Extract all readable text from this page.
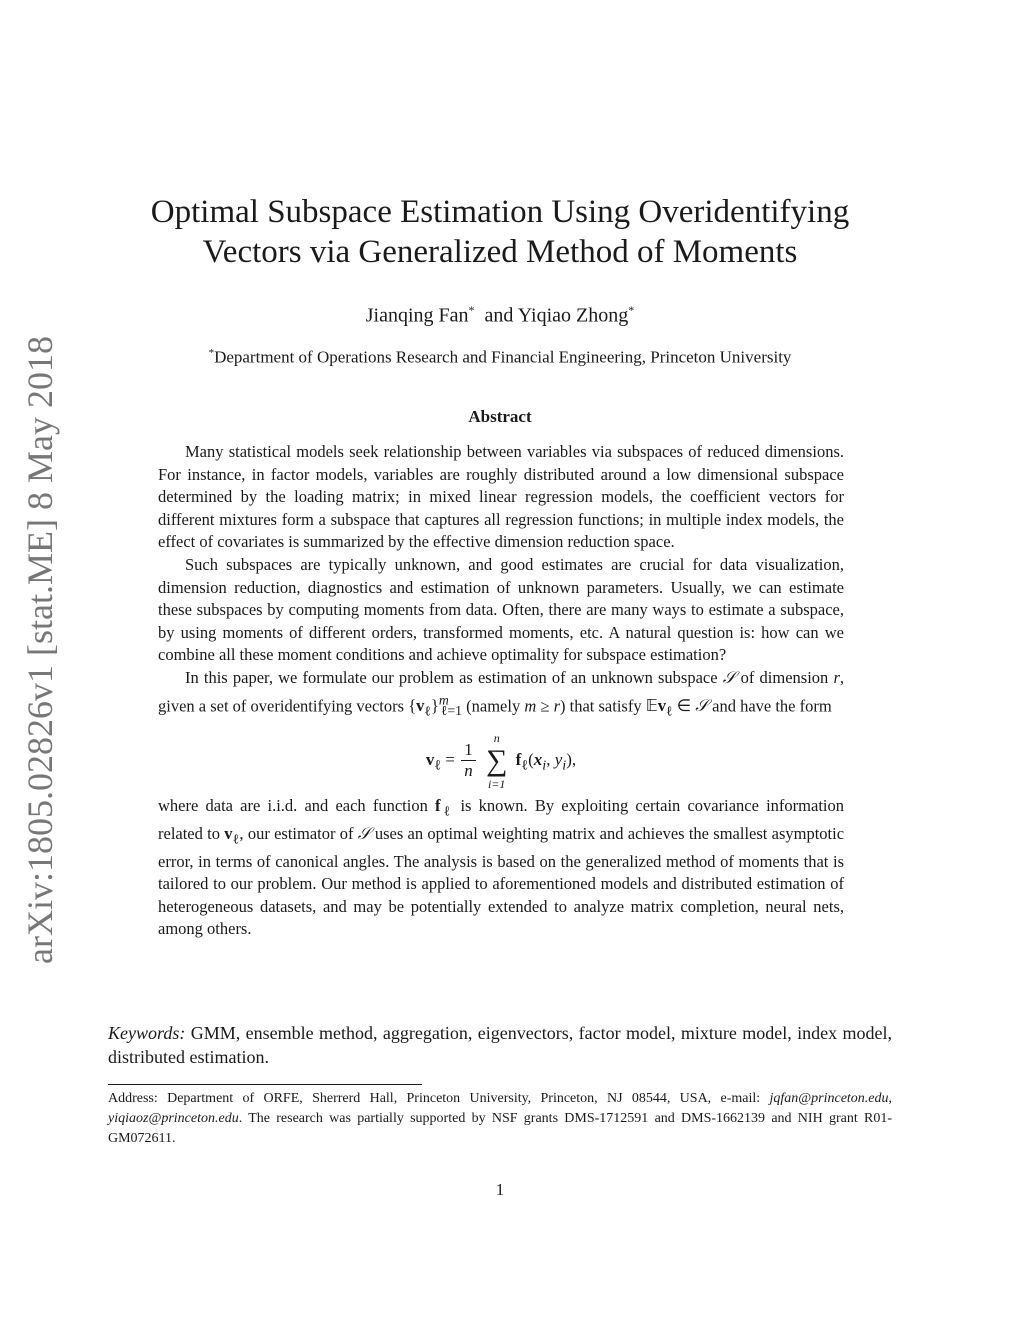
arXiv:1805.02826v1 [stat.ME] 8 May 2018
Optimal Subspace Estimation Using Overidentifying
Vectors via Generalized Method of Moments
Jianqing Fan* and Yiqiao Zhong*
*Department of Operations Research and Financial Engineering, Princeton University
Abstract

Many statistical models seek relationship between variables via subspaces of reduced dimensions. For instance, in factor models, variables are roughly distributed around a low dimensional subspace determined by the loading matrix; in mixed linear regression models, the coefficient vectors for different mixtures form a subspace that captures all regression functions; in multiple index models, the effect of covariates is summarized by the effective dimension reduction space.

Such subspaces are typically unknown, and good estimates are crucial for data visualization, dimension reduction, diagnostics and estimation of unknown parameters. Usually, we can estimate these subspaces by computing moments from data. Often, there are many ways to estimate a subspace, by using moments of different orders, transformed moments, etc. A natural question is: how can we combine all these moment conditions and achieve optimality for subspace estimation?

In this paper, we formulate our problem as estimation of an unknown subspace 𝒮 of dimension r, given a set of overidentifying vectors $\{v_\ell\}^m_{\ell=1}$ (namely m ≥ r) that satisfy 𝔼v$_\ell$ ∈ 𝒮 and have the form

$v_\ell = \frac{1}{n}$

n
∑
i=1
$f_\ell(x_i$, $y_i$),

where data are i.i.d. and each function $f_\ell$ is known. By exploiting certain covariance information related to $v_\ell$, our estimator of 𝒮 uses an optimal weighting matrix and achieves the smallest asymptotic error, in terms of canonical angles. The analysis is based on the generalized method of moments that is tailored to our problem. Our method is applied to aforementioned models and distributed estimation of heterogeneous datasets, and may be potentially extended to analyze matrix completion, neural nets, among others.

Keywords: GMM, ensemble method, aggregation, eigenvectors, factor model, mixture model, index model, distributed estimation.
Address: Department of ORFE, Sherrerd Hall, Princeton University, Princeton, NJ 08544, USA, e-mail: jqfan@princeton.edu, yiqiaoz@princeton.edu. The research was partially supported by NSF grants DMS-1712591 and DMS-1662139 and NIH grant R01-GM072611.
1
